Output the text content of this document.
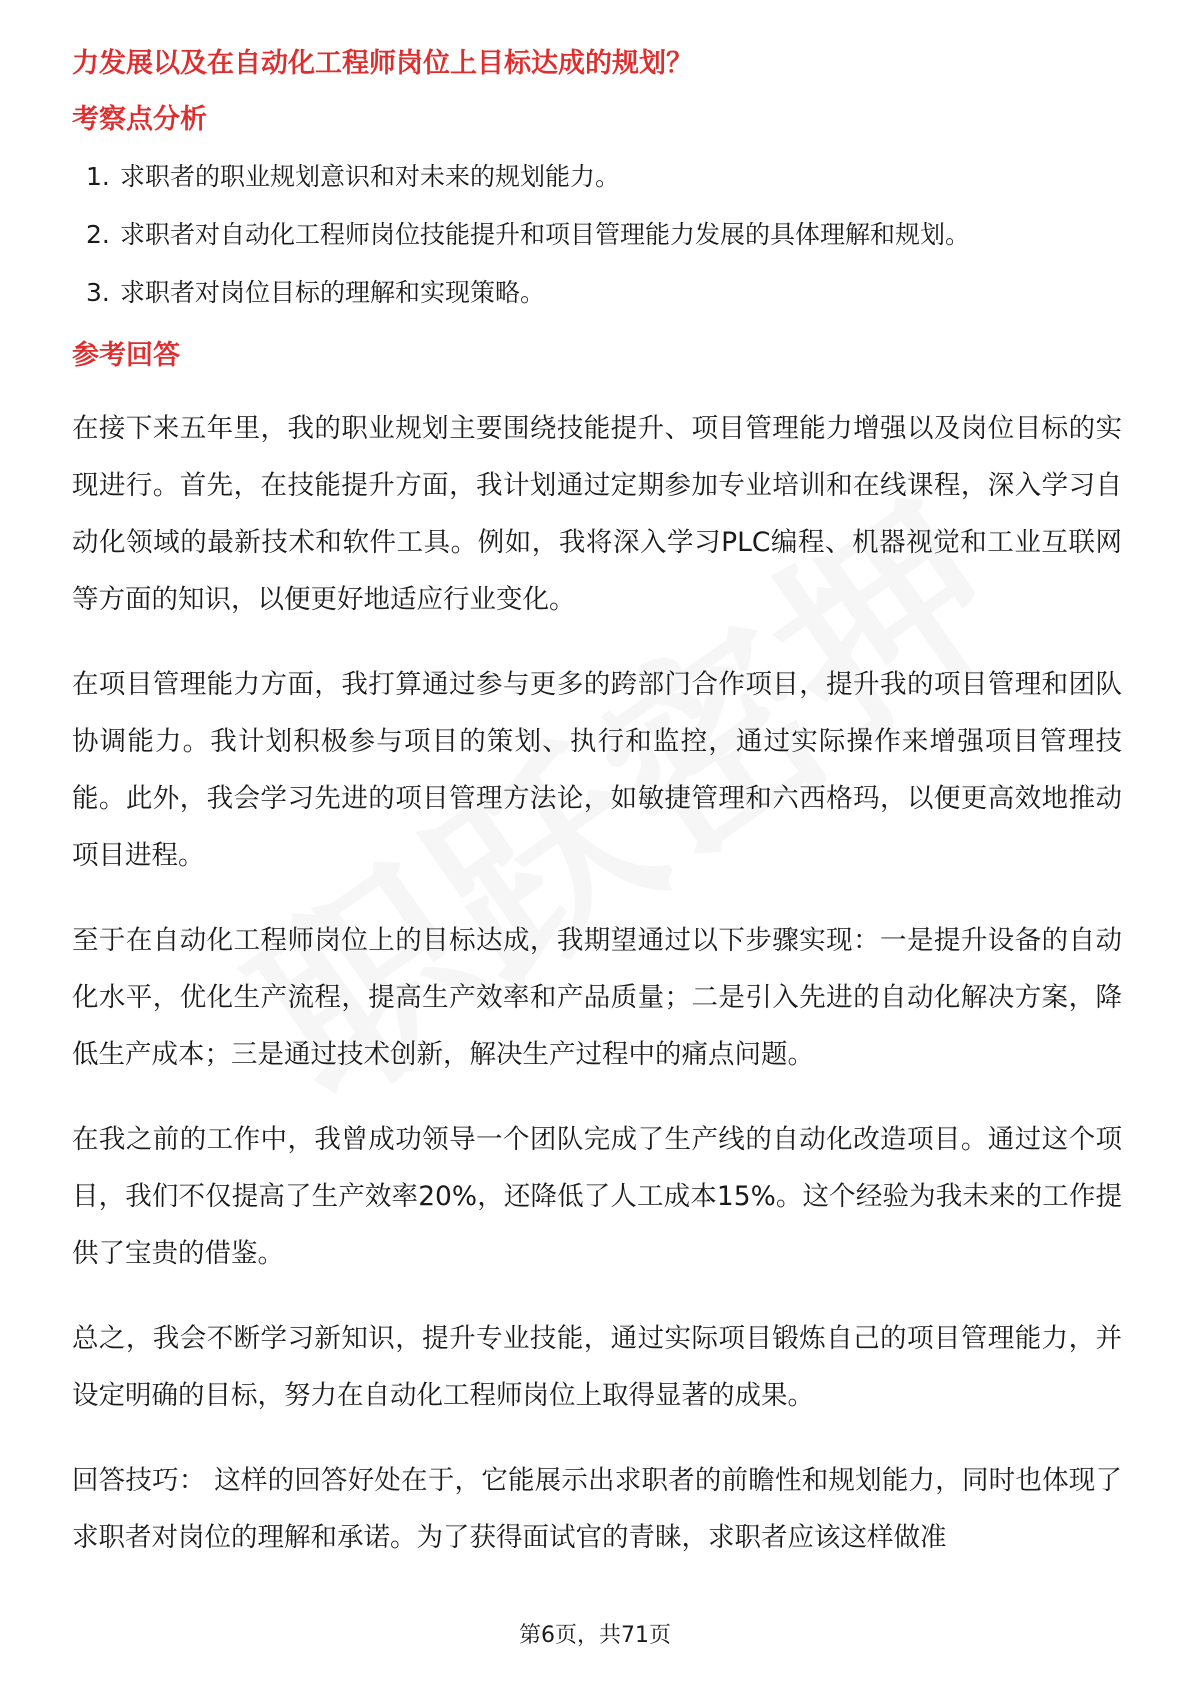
力发展以及在自动化工程师岗位上目标达成的规划？

考察点分析

1. 求职者的职业规划意识和对未来的规划能力。
2. 求职者对自动化工程师岗位技能提升和项目管理能力发展的具体理解和规划。
3. 求职者对岗位目标的理解和实现策略。

参考回答

在接下来五年里，我的职业规划主要围绕技能提升、项目管理能力增强以及岗位目标的实现进行。首先，在技能提升方面，我计划通过定期参加专业培训和在线课程，深入学习自动化领域的最新技术和软件工具。例如，我将深入学习PLC编程、机器视觉和工业互联网等方面的知识，以便更好地适应行业变化。

在项目管理能力方面，我打算通过参与更多的跨部门合作项目，提升我的项目管理和团队协调能力。我计划积极参与项目的策划、执行和监控，通过实际操作来增强项目管理技能。此外，我会学习先进的项目管理方法论，如敏捷管理和六西格玛，以便更高效地推动项目进程。

至于在自动化工程师岗位上的目标达成，我期望通过以下步骤实现：一是提升设备的自动化水平，优化生产流程，提高生产效率和产品质量；二是引入先进的自动化解决方案，降低生产成本；三是通过技术创新，解决生产过程中的痛点问题。

在我之前的工作中，我曾成功领导一个团队完成了生产线的自动化改造项目。通过这个项目，我们不仅提高了生产效率20%，还降低了人工成本15%。这个经验为我未来的工作提供了宝贵的借鉴。

总之，我会不断学习新知识，提升专业技能，通过实际项目锻炼自己的项目管理能力，并设定明确的目标，努力在自动化工程师岗位上取得显著的成果。

回答技巧： 这样的回答好处在于，它能展示出求职者的前瞻性和规划能力，同时也体现了求职者对岗位的理解和承诺。为了获得面试官的青睐，求职者应该这样做准

第6页，共71页
